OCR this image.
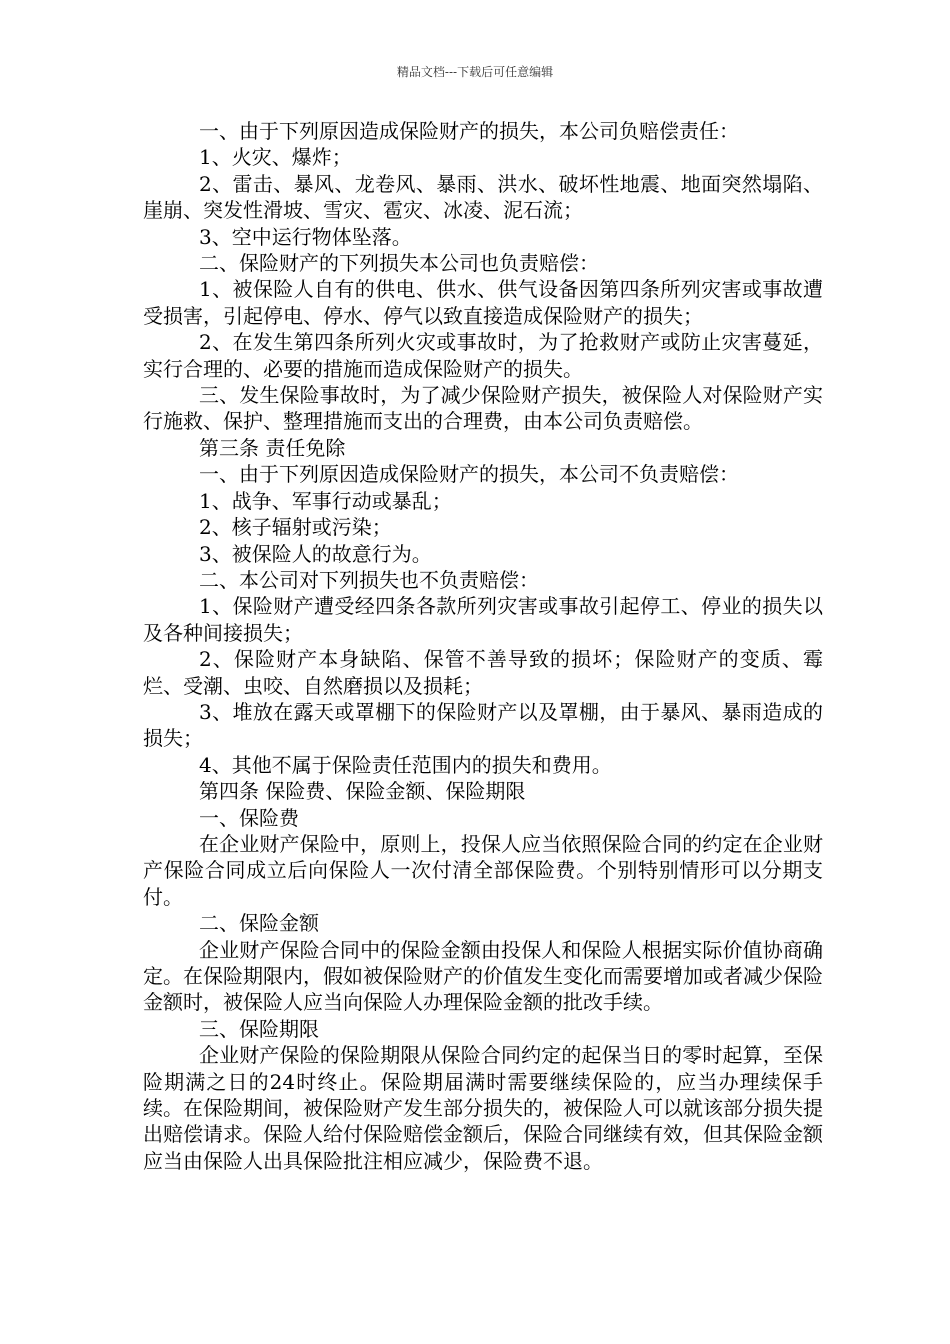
精品文档---下载后可任意编辑

一、由于下列原因造成保险财产的损失，本公司负赔偿责任：

1、火灾、爆炸；

2、雷击、暴风、龙卷风、暴雨、洪水、破坏性地震、地面突然塌陷、崖崩、突发性滑坡、雪灾、雹灾、冰凌、泥石流；

3、空中运行物体坠落。

二、保险财产的下列损失本公司也负责赔偿：

1、被保险人自有的供电、供水、供气设备因第四条所列灾害或事故遭受损害，引起停电、停水、停气以致直接造成保险财产的损失；

2、在发生第四条所列火灾或事故时，为了抢救财产或防止灾害蔓延，实行合理的、必要的措施而造成保险财产的损失。

三、发生保险事故时，为了减少保险财产损失，被保险人对保险财产实行施救、保护、整理措施而支出的合理费，由本公司负责赔偿。

第三条 责任免除

一、由于下列原因造成保险财产的损失，本公司不负责赔偿：

1、战争、军事行动或暴乱；

2、核子辐射或污染；

3、被保险人的故意行为。

二、本公司对下列损失也不负责赔偿：

1、保险财产遭受经四条各款所列灾害或事故引起停工、停业的损失以及各种间接损失；

2、保险财产本身缺陷、保管不善导致的损坏；保险财产的变质、霉烂、受潮、虫咬、自然磨损以及损耗；

3、堆放在露天或罩棚下的保险财产以及罩棚，由于暴风、暴雨造成的损失；

4、其他不属于保险责任范围内的损失和费用。

第四条 保险费、保险金额、保险期限

一、保险费

在企业财产保险中，原则上，投保人应当依照保险合同的约定在企业财产保险合同成立后向保险人一次付清全部保险费。个别特别情形可以分期支付。

二、保险金额

企业财产保险合同中的保险金额由投保人和保险人根据实际价值协商确定。在保险期限内，假如被保险财产的价值发生变化而需要增加或者减少保险金额时，被保险人应当向保险人办理保险金额的批改手续。

三、保险期限

企业财产保险的保险期限从保险合同约定的起保当日的零时起算，至保险期满之日的24时终止。保险期届满时需要继续保险的，应当办理续保手续。在保险期间，被保险财产发生部分损失的，被保险人可以就该部分损失提出赔偿请求。保险人给付保险赔偿金额后，保险合同继续有效，但其保险金额应当由保险人出具保险批注相应减少，保险费不退。
